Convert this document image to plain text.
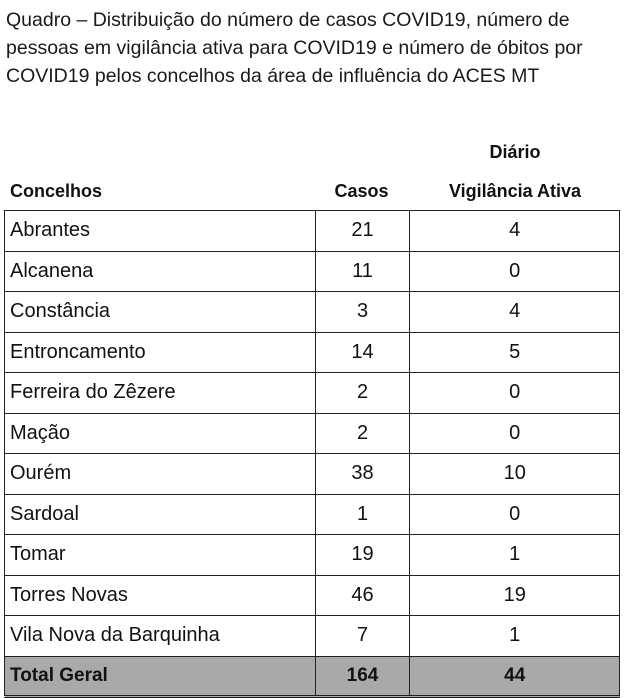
Quadro – Distribuição do número de casos COVID19, número de pessoas em vigilância ativa para COVID19 e número de óbitos por COVID19 pelos concelhos da área de influência do ACES MT
Diário
Concelhos	Casos	Vigilância Ativa
Abrantes	21	4
Alcanena	11	0
Constância	3	4
Entroncamento	14	5
Ferreira do Zêzere	2	0
Mação	2	0
Ourém	38	10
Sardoal	1	0
Tomar	19	1
Torres Novas	46	19
Vila Nova da Barquinha	7	1
Total Geral	164	44
